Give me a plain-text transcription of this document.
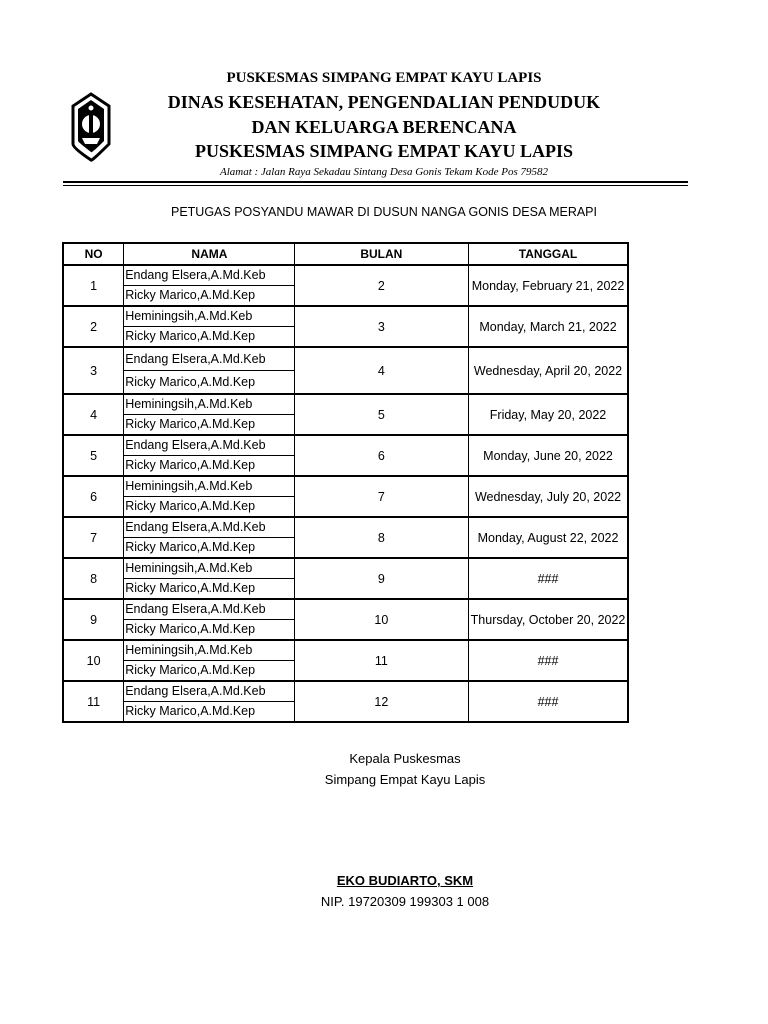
PUSKESMAS SIMPANG EMPAT KAYU LAPIS
DINAS KESEHATAN, PENGENDALIAN PENDUDUK
DAN KELUARGA BERENCANA
PUSKESMAS SIMPANG EMPAT KAYU LAPIS
Alamat : Jalan Raya Sekadau Sintang Desa Gonis Tekam Kode Pos 79582
PETUGAS POSYANDU MAWAR DI DUSUN NANGA GONIS DESA MERAPI
NO	NAMA	BULAN	TANGGAL
1	Endang Elsera,A.Md.Keb	2	Monday, February 21, 2022
	Ricky Marico,A.Md.Kep		
2	Heminingsih,A.Md.Keb	3	Monday, March 21, 2022
	Ricky Marico,A.Md.Kep		
3	Endang Elsera,A.Md.Keb	4	Wednesday, April 20, 2022
	Ricky Marico,A.Md.Kep		
4	Heminingsih,A.Md.Keb	5	Friday, May 20, 2022
	Ricky Marico,A.Md.Kep		
5	Endang Elsera,A.Md.Keb	6	Monday, June 20, 2022
	Ricky Marico,A.Md.Kep		
6	Heminingsih,A.Md.Keb	7	Wednesday, July 20, 2022
	Ricky Marico,A.Md.Kep		
7	Endang Elsera,A.Md.Keb	8	Monday, August 22, 2022
	Ricky Marico,A.Md.Kep		
8	Heminingsih,A.Md.Keb	9	###
	Ricky Marico,A.Md.Kep		
9	Endang Elsera,A.Md.Keb	10	Thursday, October 20, 2022
	Ricky Marico,A.Md.Kep		
10	Heminingsih,A.Md.Keb	11	###
	Ricky Marico,A.Md.Kep		
11	Endang Elsera,A.Md.Keb	12	###
	Ricky Marico,A.Md.Kep		
Kepala Puskesmas
Simpang Empat Kayu Lapis
EKO BUDIARTO, SKM
NIP. 19720309 199303 1 008
